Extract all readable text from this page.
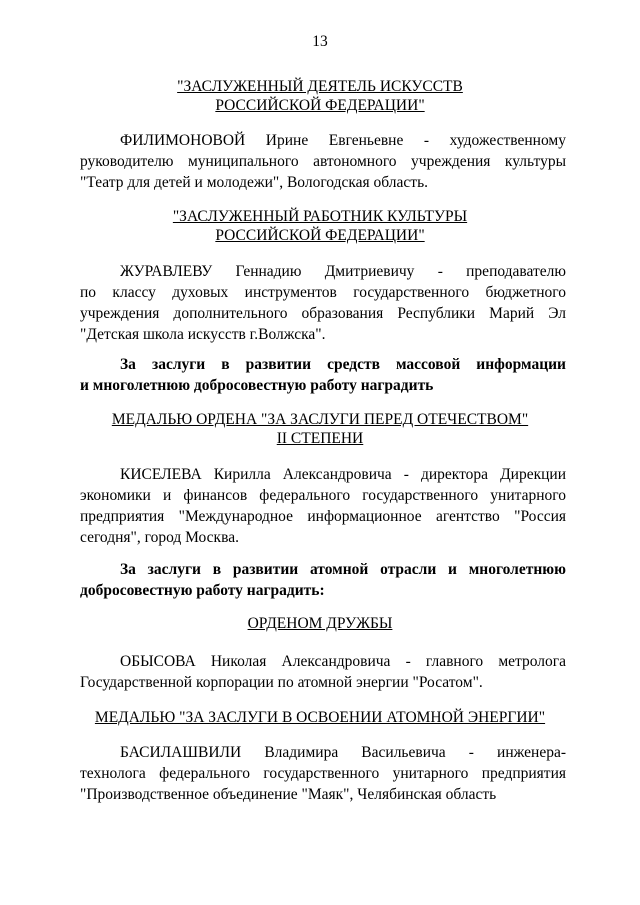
13
"ЗАСЛУЖЕННЫЙ ДЕЯТЕЛЬ ИСКУССТВ
РОССИЙСКОЙ ФЕДЕРАЦИИ"
ФИЛИМОНОВОЙ Ирине Евгеньевне - художественному
руководителю муниципального автономного учреждения культуры "Театр для детей и молодежи", Вологодская область.
"ЗАСЛУЖЕННЫЙ РАБОТНИК КУЛЬТУРЫ
РОССИЙСКОЙ ФЕДЕРАЦИИ"
ЖУРАВЛЕВУ Геннадию Дмитриевичу - преподавателю
по классу духовых инструментов государственного бюджетного учреждения дополнительного образования Республики Марий Эл "Детская школа искусств г.Волжска".
За заслуги в развитии средств массовой информации
и многолетнюю добросовестную работу наградить
МЕДАЛЬЮ ОРДЕНА "ЗА ЗАСЛУГИ ПЕРЕД ОТЕЧЕСТВОМ"
II СТЕПЕНИ
КИСЕЛЕВА Кирилла Александровича - директора Дирекции
экономики и финансов федерального государственного унитарного предприятия "Международное информационное агентство "Россия сегодня", город Москва.
За заслуги в развитии атомной отрасли и многолетнюю
добросовестную работу наградить:
ОРДЕНОМ ДРУЖБЫ
ОБЫСОВА Николая Александровича - главного метролога
Государственной корпорации по атомной энергии "Росатом".
МЕДАЛЬЮ "ЗА ЗАСЛУГИ В ОСВОЕНИИ АТОМНОЙ ЭНЕРГИИ"
БАСИЛАШВИЛИ Владимира Васильевича - инженера-
технолога федерального государственного унитарного предприятия "Производственное объединение "Маяк", Челябинская область
